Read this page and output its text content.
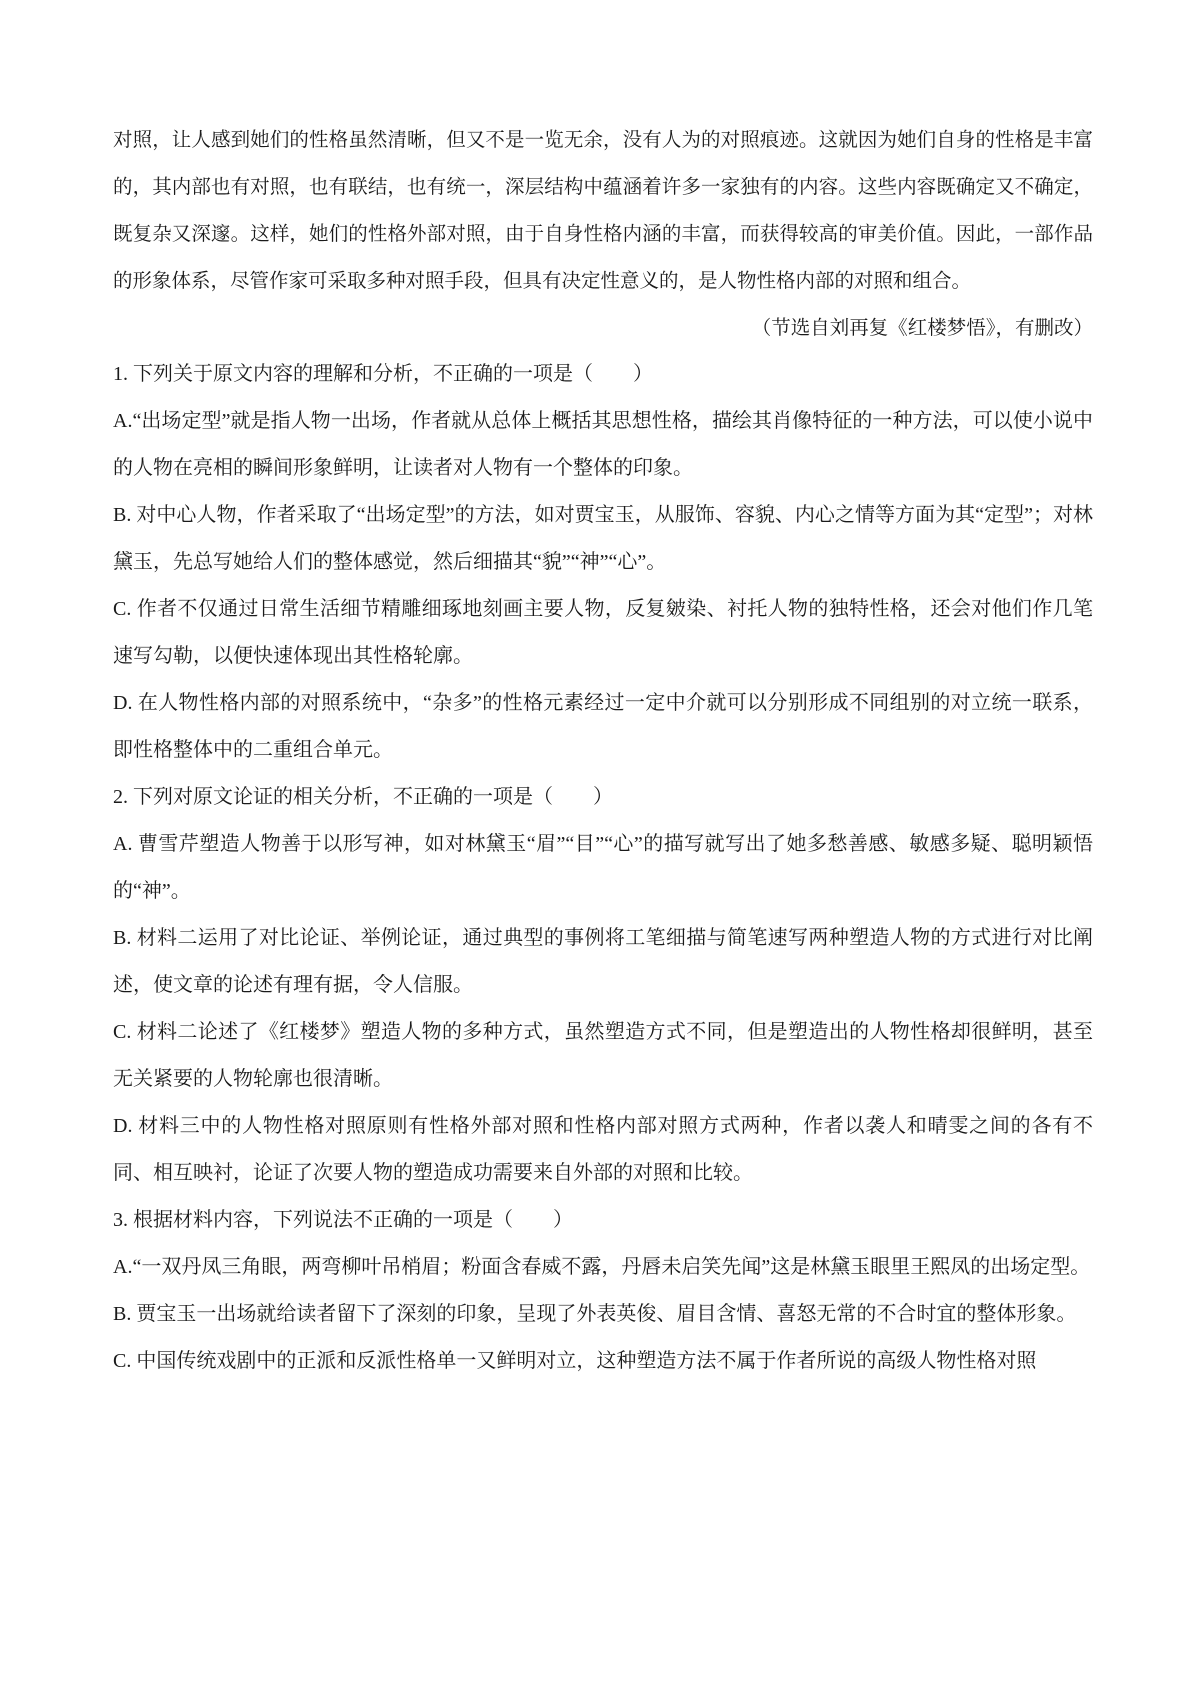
对照，让人感到她们的性格虽然清晰，但又不是一览无余，没有人为的对照痕迹。这就因为她们自身的性格是丰富的，其内部也有对照，也有联结，也有统一，深层结构中蕴涵着许多一家独有的内容。这些内容既确定又不确定，既复杂又深邃。这样，她们的性格外部对照，由于自身性格内涵的丰富，而获得较高的审美价值。因此，一部作品的形象体系，尽管作家可采取多种对照手段，但具有决定性意义的，是人物性格内部的对照和组合。

（节选自刘再复《红楼梦悟》，有删改）

1. 下列关于原文内容的理解和分析，不正确的一项是（　　）

A.“出场定型”就是指人物一出场，作者就从总体上概括其思想性格，描绘其肖像特征的一种方法，可以使小说中的人物在亮相的瞬间形象鲜明，让读者对人物有一个整体的印象。

B. 对中心人物，作者采取了“出场定型”的方法，如对贾宝玉，从服饰、容貌、内心之情等方面为其“定型”；对林黛玉，先总写她给人们的整体感觉，然后细描其“貌”“神”“心”。

C. 作者不仅通过日常生活细节精雕细琢地刻画主要人物，反复皴染、衬托人物的独特性格，还会对他们作几笔速写勾勒，以便快速体现出其性格轮廓。

D. 在人物性格内部的对照系统中，“杂多”的性格元素经过一定中介就可以分别形成不同组别的对立统一联系，即性格整体中的二重组合单元。

2. 下列对原文论证的相关分析，不正确的一项是（　　）

A. 曹雪芹塑造人物善于以形写神，如对林黛玉“眉”“目”“心”的描写就写出了她多愁善感、敏感多疑、聪明颖悟的“神”。

B. 材料二运用了对比论证、举例论证，通过典型的事例将工笔细描与简笔速写两种塑造人物的方式进行对比阐述，使文章的论述有理有据，令人信服。

C. 材料二论述了《红楼梦》塑造人物的多种方式，虽然塑造方式不同，但是塑造出的人物性格却很鲜明，甚至无关紧要的人物轮廓也很清晰。

D. 材料三中的人物性格对照原则有性格外部对照和性格内部对照方式两种，作者以袭人和晴雯之间的各有不同、相互映衬，论证了次要人物的塑造成功需要来自外部的对照和比较。

3. 根据材料内容，下列说法不正确的一项是（　　）

A.“一双丹凤三角眼，两弯柳叶吊梢眉；粉面含春威不露，丹唇未启笑先闻”这是林黛玉眼里王熙凤的出场定型。

B. 贾宝玉一出场就给读者留下了深刻的印象，呈现了外表英俊、眉目含情、喜怒无常的不合时宜的整体形象。

C. 中国传统戏剧中的正派和反派性格单一又鲜明对立，这种塑造方法不属于作者所说的高级人物性格对照
